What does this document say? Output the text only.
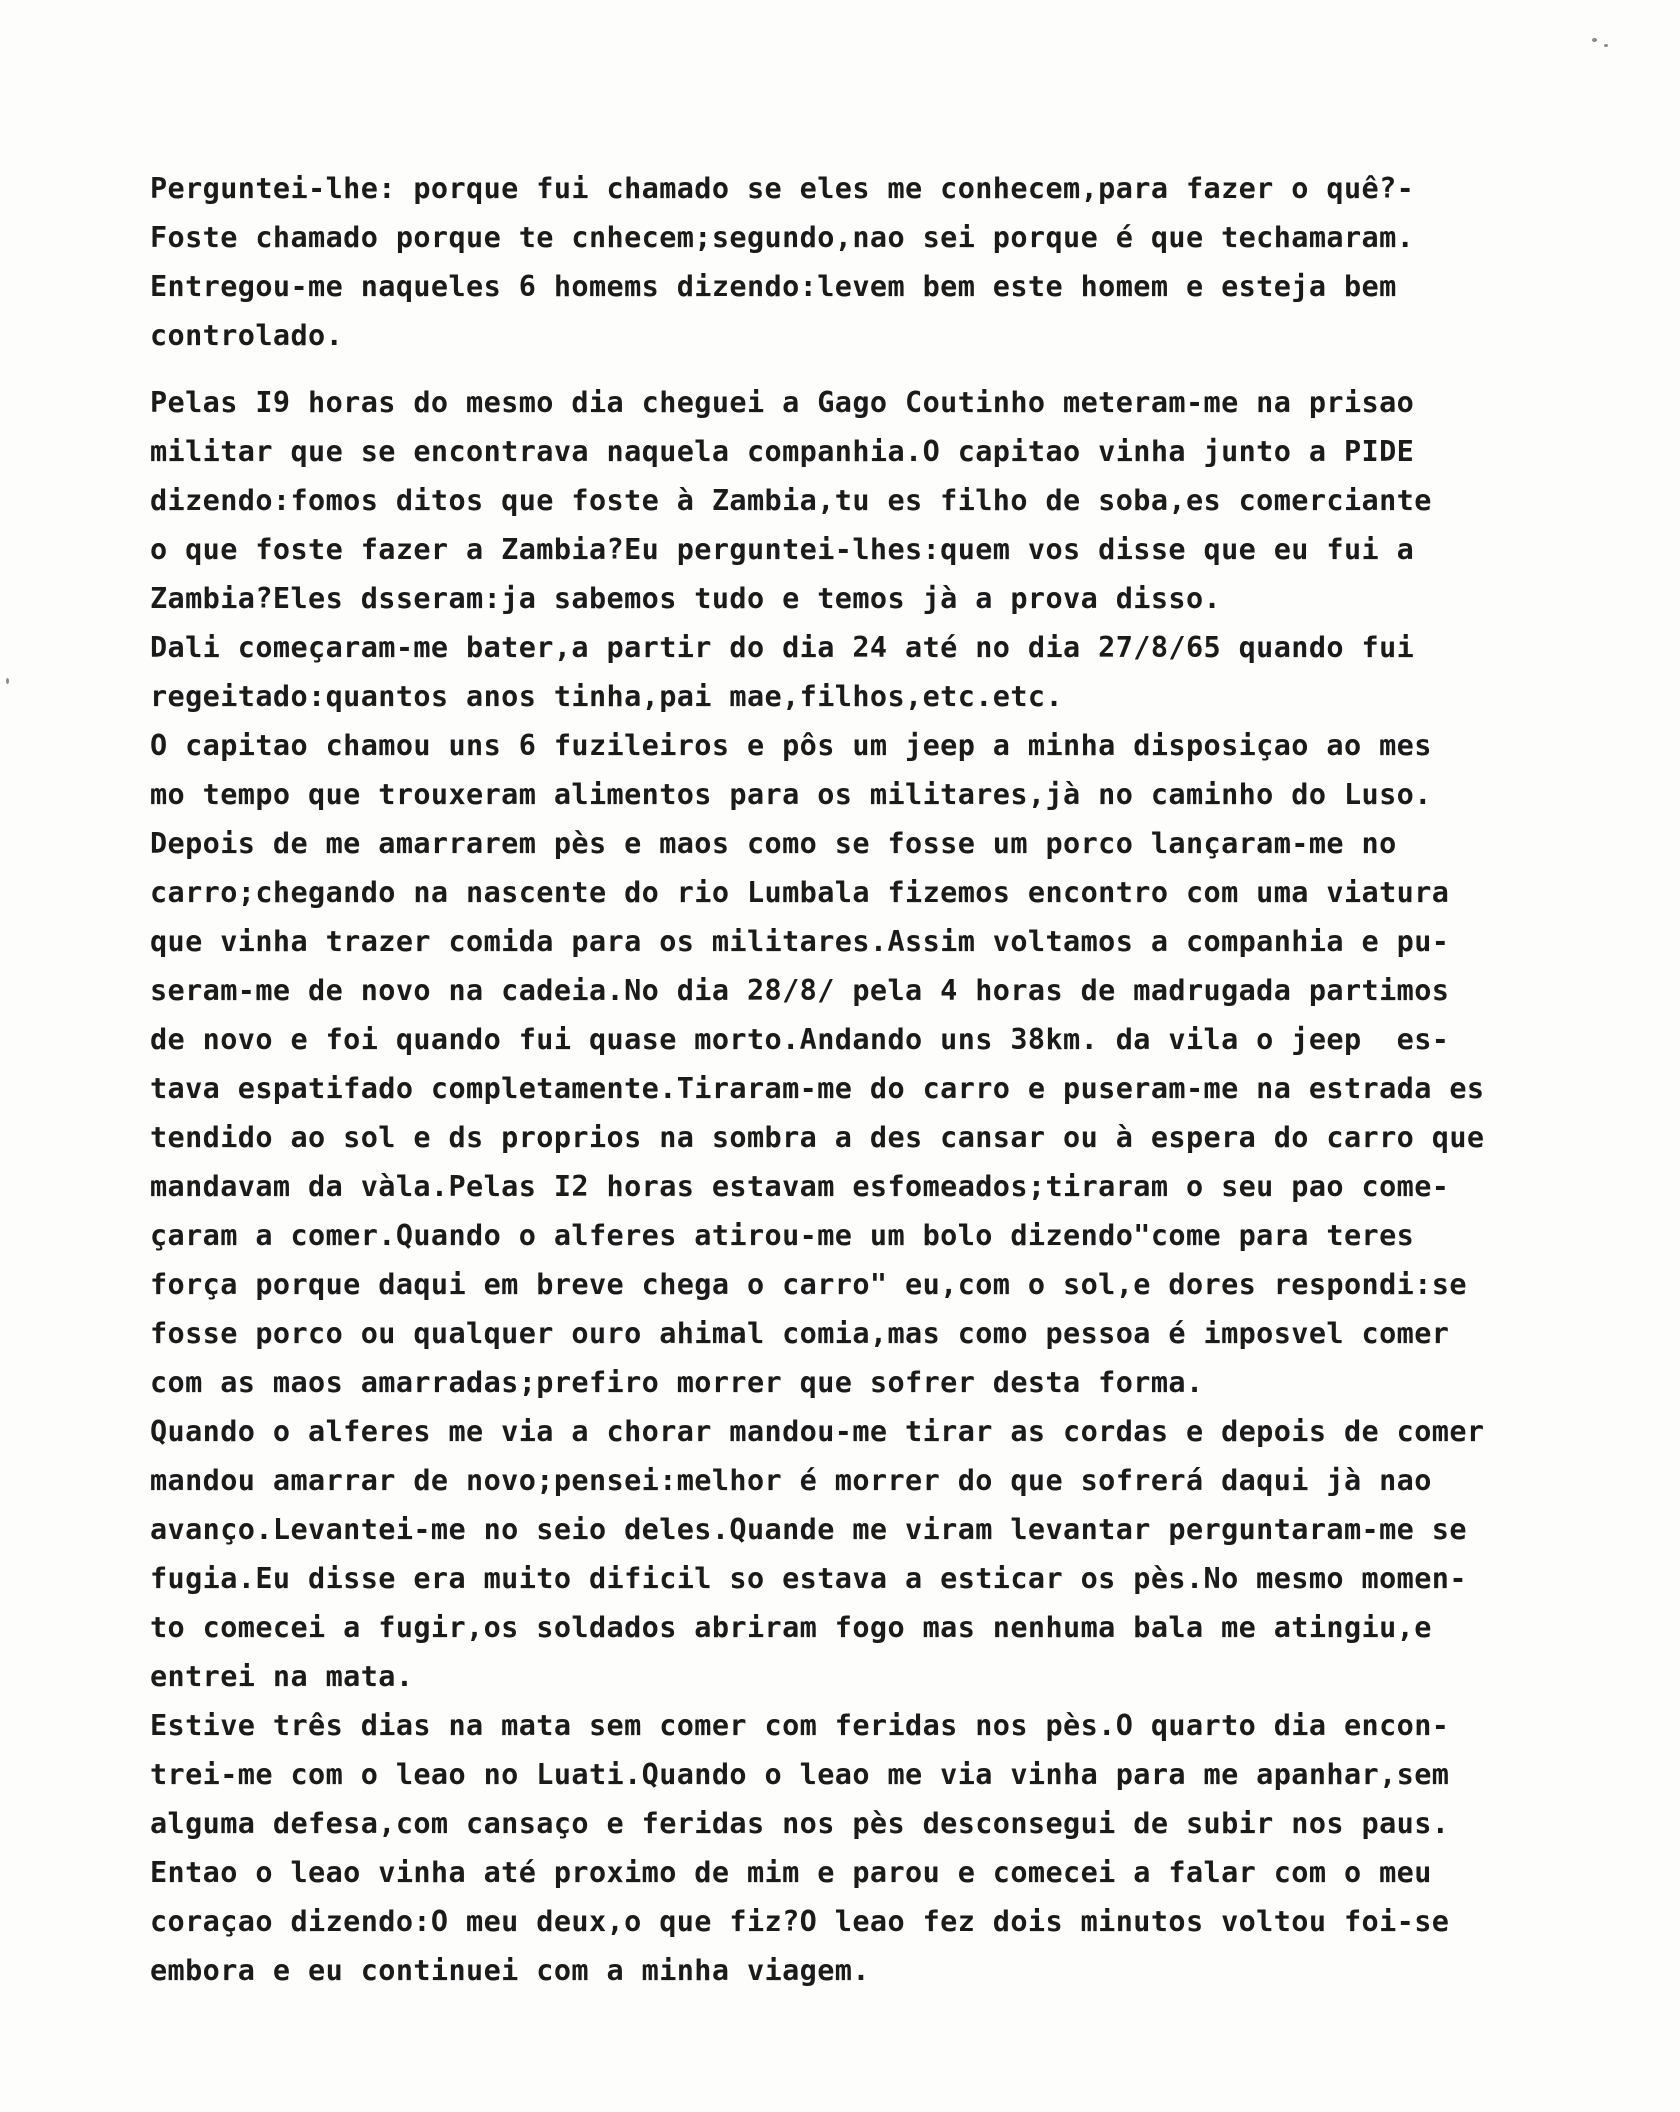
Perguntei-lhe: porque fui chamado se eles me conhecem,para fazer o quê?-
Foste chamado porque te cnhecem;segundo,nao sei porque é que techamaram.
Entregou-me naqueles 6 homems dizendo:levem bem este homem e esteja bem
controlado.
Pelas I9 horas do mesmo dia cheguei a Gago Coutinho meteram-me na prisao
militar que se encontrava naquela companhia.O capitao vinha junto a PIDE
dizendo:fomos ditos que foste à Zambia,tu es filho de soba,es comerciante
o que foste fazer a Zambia?Eu perguntei-lhes:quem vos disse que eu fui a
Zambia?Eles dsseram:ja sabemos tudo e temos jà a prova disso.
Dali começaram-me bater,a partir do dia 24 até no dia 27/8/65 quando fui
regeitado:quantos anos tinha,pai mae,filhos,etc.etc.
O capitao chamou uns 6 fuzileiros e pôs um jeep a minha disposiçao ao mes
mo tempo que trouxeram alimentos para os militares,jà no caminho do Luso.
Depois de me amarrarem pès e maos como se fosse um porco lançaram-me no
carro;chegando na nascente do rio Lumbala fizemos encontro com uma viatura
que vinha trazer comida para os militares.Assim voltamos a companhia e pu-
seram-me de novo na cadeia.No dia 28/8/ pela 4 horas de madrugada partimos
de novo e foi quando fui quase morto.Andando uns 38km. da vila o jeep  es-
tava espatifado completamente.Tiraram-me do carro e puseram-me na estrada es
tendido ao sol e ds proprios na sombra a des cansar ou à espera do carro que
mandavam da vàla.Pelas I2 horas estavam esfomeados;tiraram o seu pao come-
çaram a comer.Quando o alferes atirou-me um bolo dizendo"come para teres
força porque daqui em breve chega o carro" eu,com o sol,e dores respondi:se
fosse porco ou qualquer ouro ahimal comia,mas como pessoa é imposvel comer
com as maos amarradas;prefiro morrer que sofrer desta forma.
Quando o alferes me via a chorar mandou-me tirar as cordas e depois de comer
mandou amarrar de novo;pensei:melhor é morrer do que sofrerá daqui jà nao
avanço.Levantei-me no seio deles.Quande me viram levantar perguntaram-me se
fugia.Eu disse era muito dificil so estava a esticar os pès.No mesmo momen-
to comecei a fugir,os soldados abriram fogo mas nenhuma bala me atingiu,e
entrei na mata.
Estive três dias na mata sem comer com feridas nos pès.O quarto dia encon-
trei-me com o leao no Luati.Quando o leao me via vinha para me apanhar,sem
alguma defesa,com cansaço e feridas nos pès desconsegui de subir nos paus.
Entao o leao vinha até proximo de mim e parou e comecei a falar com o meu
coraçao dizendo:O meu deux,o que fiz?O leao fez dois minutos voltou foi-se
embora e eu continuei com a minha viagem.
